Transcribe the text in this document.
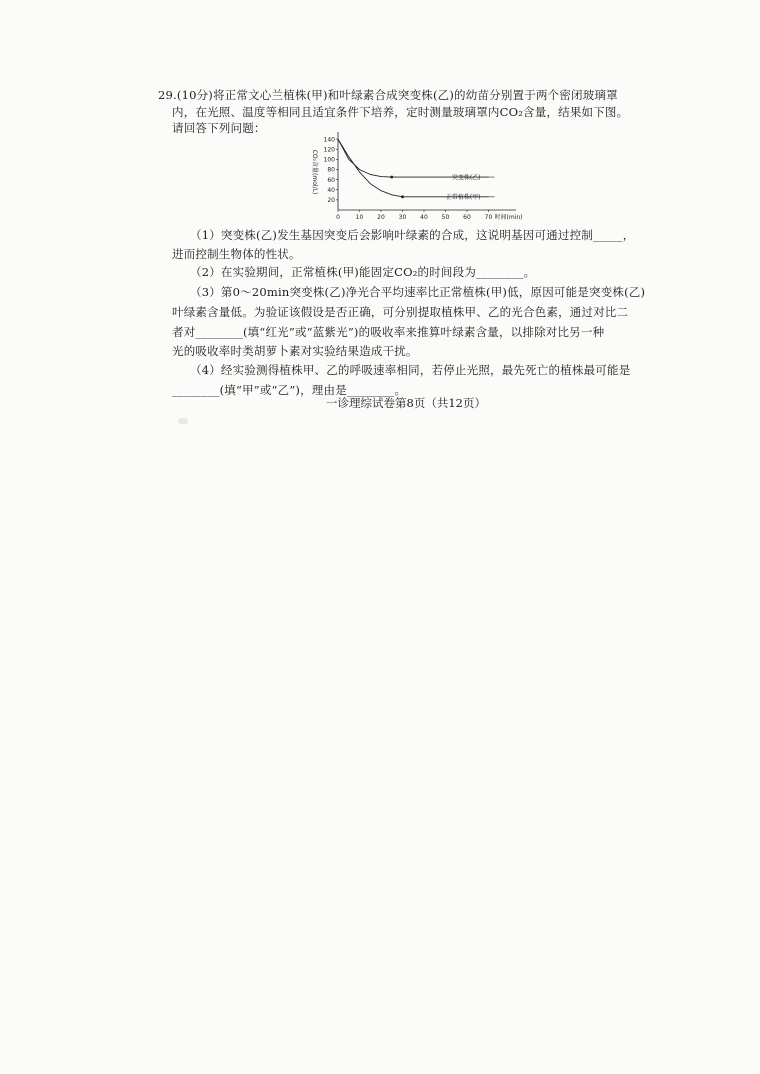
29.(10分)将正常文心兰植株(甲)和叶绿素合成突变株(乙)的幼苗分别置于两个密闭玻璃罩
内，在光照、温度等相同且适宜条件下培养，定时测量玻璃罩内CO₂含量，结果如下图。
请回答下列问题：
20
40
60
80
100
120
140
0	10 20 30 40 50 60 70 时间(min)
CO₂含量(mol/L)	突变株(乙)
正常植株(甲)
（1）突变株(乙)发生基因突变后会影响叶绿素的合成，这说明基因可通过控制_____，
进而控制生物体的性状。
（2）在实验期间，正常植株(甲)能固定CO₂的时间段为________。
（3）第0～20min突变株(乙)净光合平均速率比正常植株(甲)低，原因可能是突变株(乙)
叶绿素含量低。为验证该假设是否正确，可分别提取植株甲、乙的光合色素，通过对比二
者对________(填“红光”或“蓝紫光”)的吸收率来推算叶绿素含量，以排除对比另一种
光的吸收率时类胡萝卜素对实验结果造成干扰。
（4）经实验测得植株甲、乙的呼吸速率相同，若停止光照，最先死亡的植株最可能是
________(填“甲”或“乙”)，理由是________。
一诊理综试卷第8页（共12页）
